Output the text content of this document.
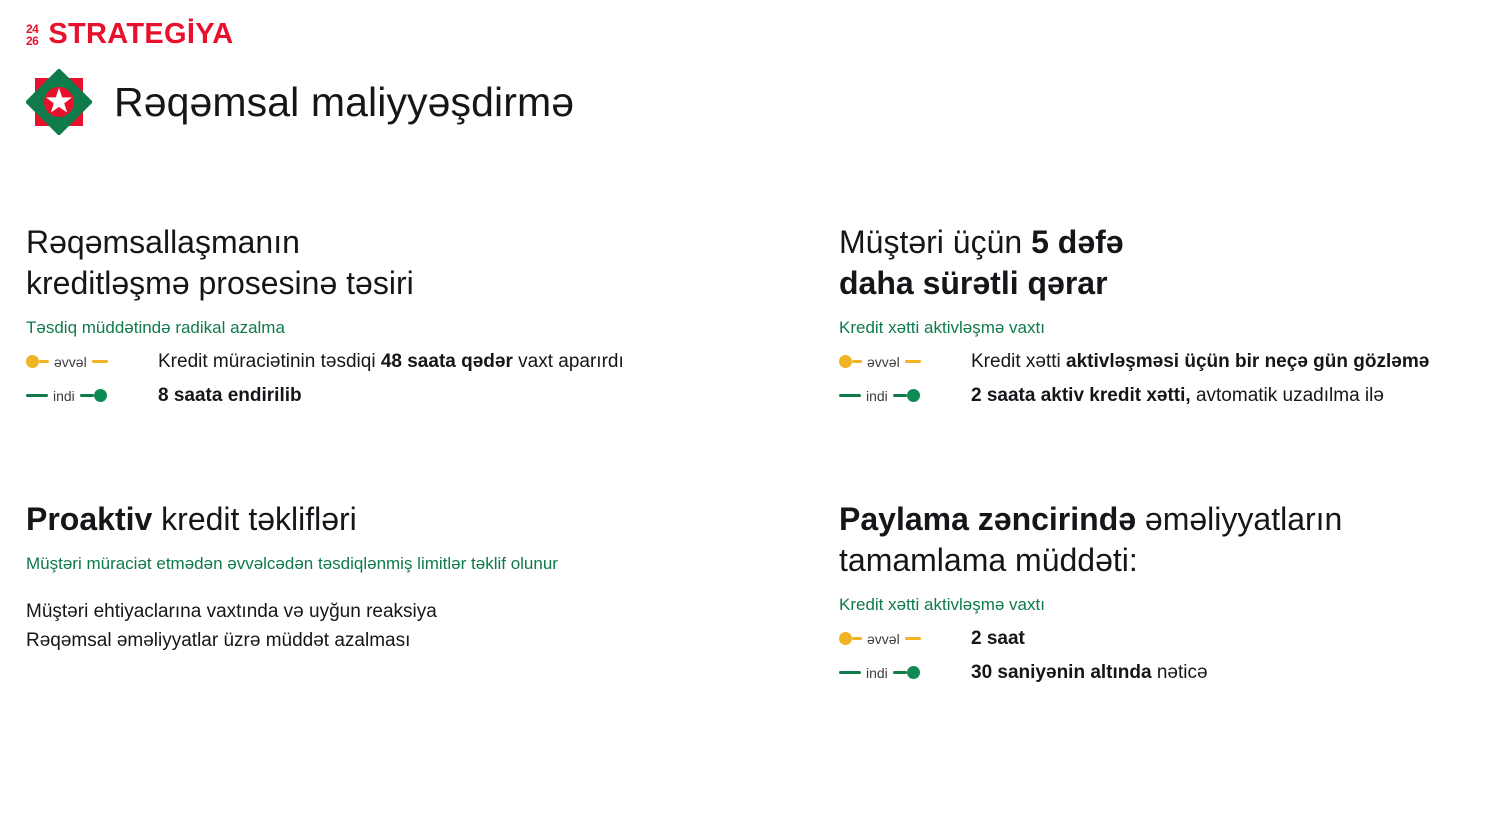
24
26 STRATEGİYA
Rəqəmsal maliyyəşdirmə
Rəqəmsallaşmanın
kreditləşmə prosesinə təsiri
Təsdiq müddətində radikal azalma
əvvəl	Kredit müraciətinin təsdiqi 48 saata qədər vaxt aparırdı
indi	8 saata endirilib
Müştəri üçün 5 dəfə
daha sürətli qərar
Kredit xətti aktivləşmə vaxtı
əvvəl	Kredit xətti aktivləşməsi üçün bir neçə gün gözləmə
indi	2 saata aktiv kredit xətti, avtomatik uzadılma ilə
Proaktiv kredit təklifləri
Müştəri müraciət etmədən əvvəlcədən təsdiqlənmiş limitlər təklif olunur
Müştəri ehtiyaclarına vaxtında və uyğun reaksiya
Rəqəmsal əməliyyatlar üzrə müddət azalması
Paylama zəncirində əməliyyatların
tamamlama müddəti:
Kredit xətti aktivləşmə vaxtı
əvvəl	2 saat
indi	30 saniyənin altında nəticə
